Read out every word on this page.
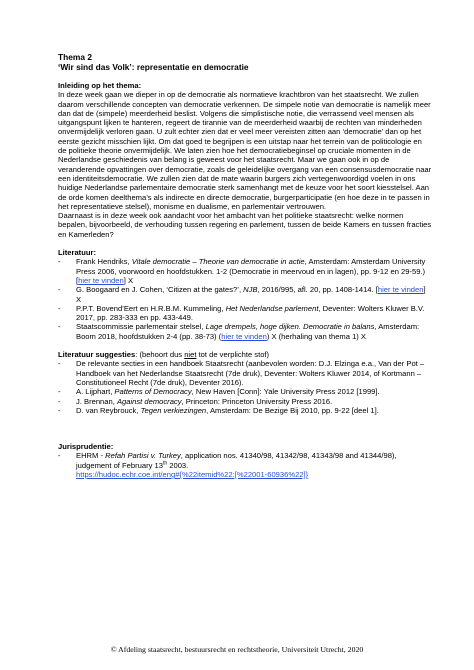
Thema 2
‘Wir sind das Volk’: representatie en democratie
Inleiding op het thema:

In deze week gaan we dieper in op de democratie als normatieve krachtbron van het staatsrecht. We zullen daarom verschillende concepten van democratie verkennen. De simpele notie van democratie is namelijk meer dan dat de (simpele) meerderheid beslist. Volgens die simplistische notie, die verrassend veel mensen als uitgangspunt lijken te hanteren, regeert de tirannie van de meerderheid waarbij de rechten van minderheden onvermijdelijk verloren gaan. U zult echter zien dat er veel meer vereisten zitten aan ‘democratie’ dan op het eerste gezicht misschien lijkt. Om dat goed te begrijpen is een uitstap naar het terrein van de politicologie en de politieke theorie onvermijdelijk. We laten zien hoe het democratiebeginsel op cruciale momenten in de Nederlandse geschiedenis van belang is geweest voor het staatsrecht. Maar we gaan ook in op de veranderende opvattingen over democratie, zoals de geleidelijke overgang van een consensusdemocratie naar een identiteitsdemocratie. We zullen zien dat de mate waarin burgers zich vertegenwoordigd voelen in ons huidige Nederlandse parlementaire democratie sterk samenhangt met de keuze voor het soort kiesstelsel. Aan de orde komen deelthema’s als indirecte en directe democratie, burgerparticipatie (en hoe deze in te passen in het representatieve stelsel), monisme en dualisme, en parlementair vertrouwen.

Daarnaast is in deze week ook aandacht voor het ambacht van het politieke staatsrecht: welke normen bepalen, bijvoorbeeld, de verhouding tussen regering en parlement, tussen de beide Kamers en tussen fracties en Kamerleden?

Literatuur:
- Frank Hendriks, Vitale democratie – Theorie van democratie in actie, Amsterdam: Amsterdam University Press 2006, voorwoord en hoofdstukken. 1-2 (Democratie in meervoud en in lagen), pp. 9-12 en 29-59.) [hier te vinden] X
- G. Boogaard en J. Cohen, ‘Citizen at the gates?’, NJB, 2016/995, afl. 20, pp. 1408-1414. [hier te vinden] X
- P.P.T. Bovend’Eert en H.R.B.M. Kummeling, Het Nederlandse parlement, Deventer: Wolters Kluwer B.V. 2017, pp. 283-333 en pp. 433-449.
- Staatscommissie parlementair stelsel, Lage drempels, hoge dijken. Democratie in balans, Amsterdam: Boom 2018, hoofdstukken 2-4 (pp. 38-73) (hier te vinden) X (herhaling van thema 1) X
Literatuur suggesties: (behoort dus niet tot de verplichte stof)
- De relevante secties in een handboek Staatsrecht (aanbevolen worden: D.J. Elzinga e.a., Van der Pot – Handboek van het Nederlandse Staatsrecht (7de druk), Deventer: Wolters Kluwer 2014, of Kortmann – Constitutioneel Recht (7de druk), Deventer 2016).
- A. Lijphart, Patterns of Democracy, New Haven [Conn]: Yale University Press 2012 [1999].
- J. Brennan, Against democracy, Princeton: Princeton University Press 2016.
- D. van Reybrouck, Tegen verkiezingen, Amsterdam: De Bezige Bij 2010, pp. 9-22 [deel 1].
Jurisprudentie:
- EHRM - Refah Partisi v. Turkey, application nos. 41340/98, 41342/98, 41343/98 and 41344/98), judgement of February 13th 2003.
https://hudoc.echr.coe.int/eng#{%22itemid%22:[%22001-60936%22]}
© Afdeling staatsrecht, bestuursrecht en rechtstheorie, Universiteit Utrecht, 2020
